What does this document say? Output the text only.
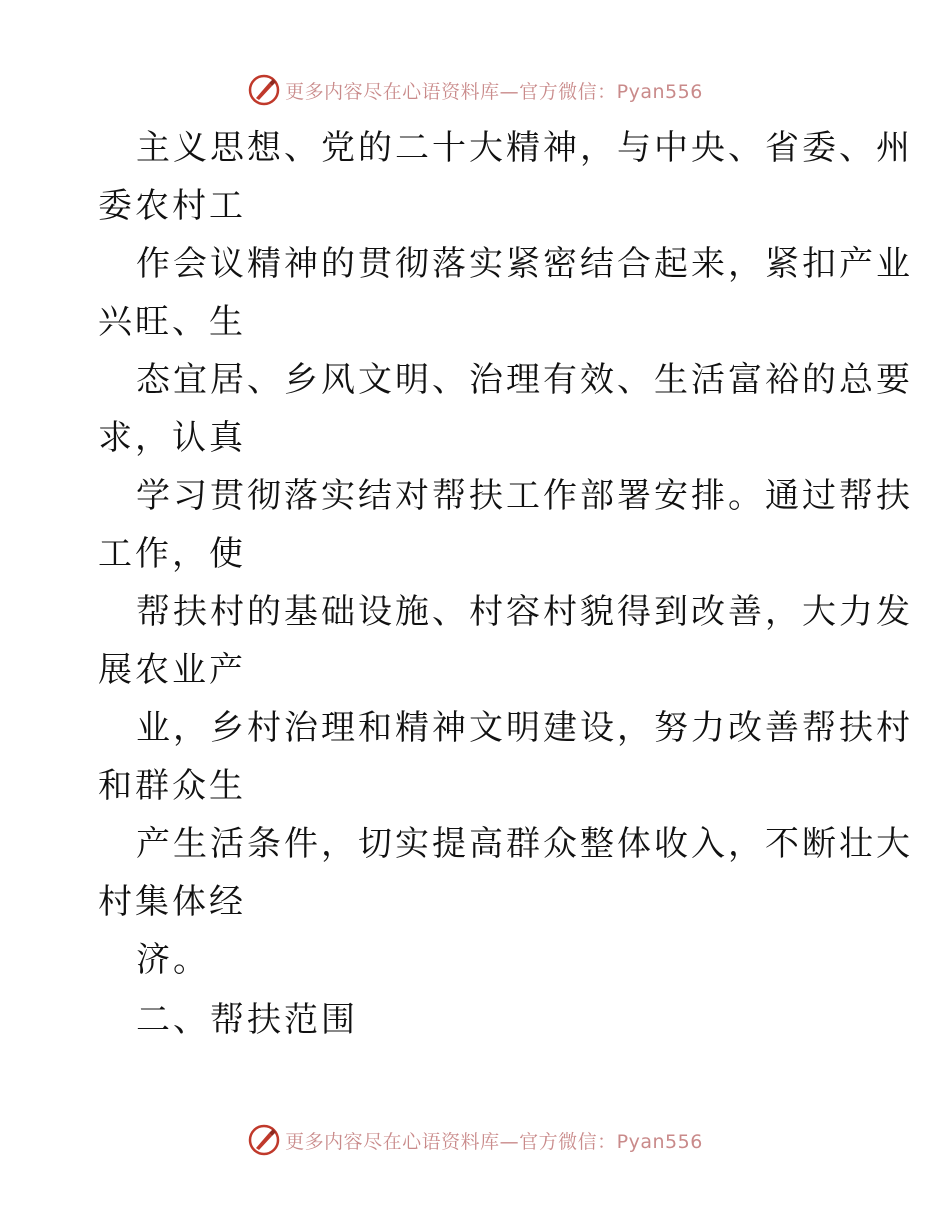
更多内容尽在心语资料库—官方微信：Pyan556
主义思想、党的二十大精神，与中央、省委、州
委农村工
作会议精神的贯彻落实紧密结合起来，紧扣产业
兴旺、生
态宜居、乡风文明、治理有效、生活富裕的总要
求，认真
学习贯彻落实结对帮扶工作部署安排。通过帮扶
工作，使
帮扶村的基础设施、村容村貌得到改善，大力发
展农业产
业，乡村治理和精神文明建设，努力改善帮扶村
和群众生
产生活条件，切实提高群众整体收入，不断壮大
村集体经
济。
二、帮扶范围
更多内容尽在心语资料库—官方微信：Pyan556
